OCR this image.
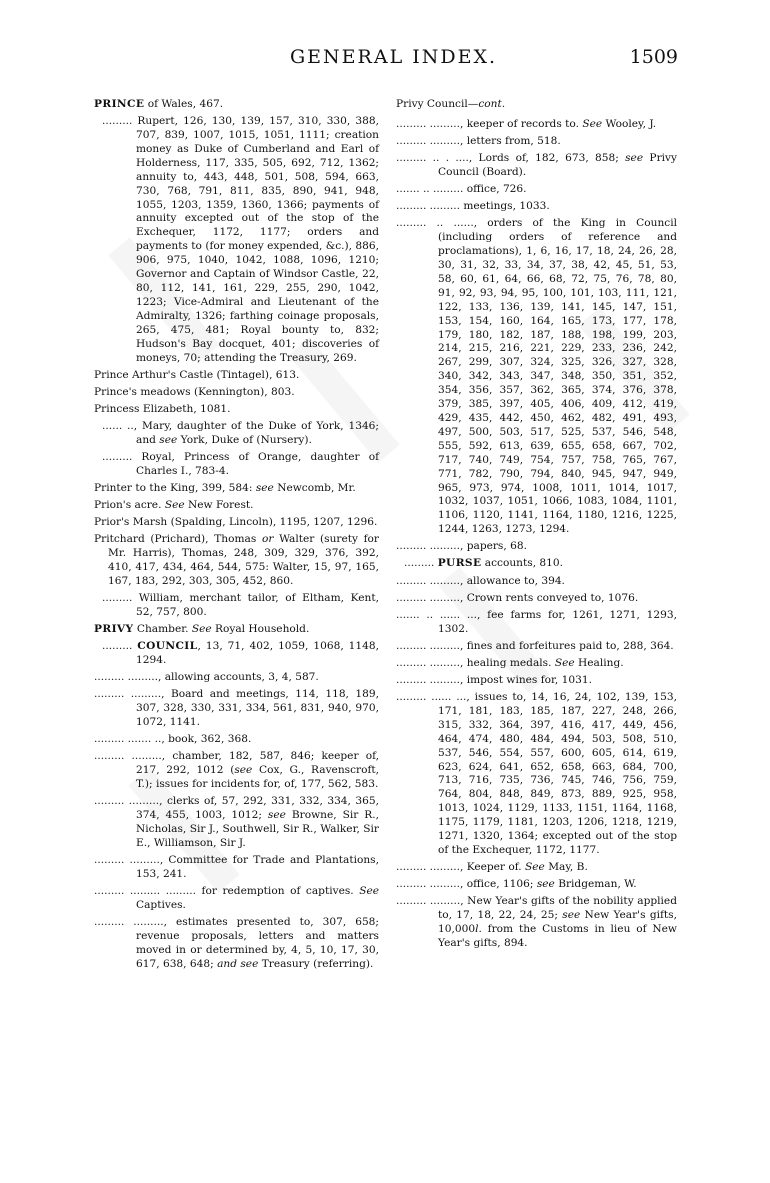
GENERAL INDEX.	1509
PRINCE of Wales, 467.
......... Rupert, 126, 130, 139, 157, 310, 330, 388, 707, 839, 1007, 1015, 1051, 1111; creation money as Duke of Cumberland and Earl of Holderness, 117, 335, 505, 692, 712, 1362; annuity to, 443, 448, 501, 508, 594, 663, 730, 768, 791, 811, 835, 890, 941, 948, 1055, 1203, 1359, 1360, 1366; payments of annuity excepted out of the stop of the Exchequer, 1172, 1177; orders and payments to (for money expended, &c.), 886, 906, 975, 1040, 1042, 1088, 1096, 1210; Governor and Captain of Windsor Castle, 22, 80, 112, 141, 161, 229, 255, 290, 1042, 1223; Vice-Admiral and Lieutenant of the Admiralty, 1326; farthing coinage proposals, 265, 475, 481; Royal bounty to, 832; Hudson's Bay docquet, 401; discoveries of moneys, 70; attending the Treasury, 269.
Prince Arthur's Castle (Tintagel), 613.
Prince's meadows (Kennington), 803.
Princess Elizabeth, 1081.
...... .., Mary, daughter of the Duke of York, 1346; and see York, Duke of (Nursery).
......... Royal, Princess of Orange, daughter of Charles I., 783-4.
Printer to the King, 399, 584: see Newcomb, Mr.
Prion's acre. See New Forest.
Prior's Marsh (Spalding, Lincoln), 1195, 1207, 1296.
Pritchard (Prichard), Thomas or Walter (surety for Mr. Harris), Thomas, 248, 309, 329, 376, 392, 410, 417, 434, 464, 544, 575: Walter, 15, 97, 165, 167, 183, 292, 303, 305, 452, 860.
......... William, merchant tailor, of Eltham, Kent, 52, 757, 800.
PRIVY Chamber. See Royal Household.
......... COUNCIL, 13, 71, 402, 1059, 1068, 1148, 1294.
......... ........., allowing accounts, 3, 4, 587.
......... ........., Board and meetings, 114, 118, 189, 307, 328, 330, 331, 334, 561, 831, 940, 970, 1072, 1141.
......... ....... .., book, 362, 368.
......... ........., chamber, 182, 587, 846; keeper of, 217, 292, 1012 (see Cox, G., Ravenscroft, T.); issues for incidents for, of, 177, 562, 583.
......... ........., clerks of, 57, 292, 331, 332, 334, 365, 374, 455, 1003, 1012; see Browne, Sir R., Nicholas, Sir J., Southwell, Sir R., Walker, Sir E., Williamson, Sir J.
......... ........., Committee for Trade and Plantations, 153, 241.
......... ......... ......... for redemption of captives. See Captives.
......... ........., estimates presented to, 307, 658; revenue proposals, letters and matters moved in or determined by, 4, 5, 10, 17, 30, 617, 638, 648; and see Treasury (referring).
Privy Council—cont.
......... ........., keeper of records to. See Wooley, J.
......... ........., letters from, 518.
......... .. . ...., Lords of, 182, 673, 858; see Privy Council (Board).
....... .. ......... office, 726.
......... ......... meetings, 1033.
......... .. ......, orders of the King in Council (including orders of reference and proclamations), 1, 6, 16, 17, 18, 24, 26, 28, 30, 31, 32, 33, 34, 37, 38, 42, 45, 51, 53, 58, 60, 61, 64, 66, 68, 72, 75, 76, 78, 80, 91, 92, 93, 94, 95, 100, 101, 103, 111, 121, 122, 133, 136, 139, 141, 145, 147, 151, 153, 154, 160, 164, 165, 173, 177, 178, 179, 180, 182, 187, 188, 198, 199, 203, 214, 215, 216, 221, 229, 233, 236, 242, 267, 299, 307, 324, 325, 326, 327, 328, 340, 342, 343, 347, 348, 350, 351, 352, 354, 356, 357, 362, 365, 374, 376, 378, 379, 385, 397, 405, 406, 409, 412, 419, 429, 435, 442, 450, 462, 482, 491, 493, 497, 500, 503, 517, 525, 537, 546, 548, 555, 592, 613, 639, 655, 658, 667, 702, 717, 740, 749, 754, 757, 758, 765, 767, 771, 782, 790, 794, 840, 945, 947, 949, 965, 973, 974, 1008, 1011, 1014, 1017, 1032, 1037, 1051, 1066, 1083, 1084, 1101, 1106, 1120, 1141, 1164, 1180, 1216, 1225, 1244, 1263, 1273, 1294.
......... ........., papers, 68.
......... PURSE accounts, 810.
......... ........., allowance to, 394.
......... ........., Crown rents conveyed to, 1076.
....... .. ...... ..., fee farms for, 1261, 1271, 1293, 1302.
......... ........., fines and forfeitures paid to, 288, 364.
......... ........., healing medals. See Healing.
......... ........., impost wines for, 1031.
......... ...... ..., issues to, 14, 16, 24, 102, 139, 153, 171, 181, 183, 185, 187, 227, 248, 266, 315, 332, 364, 397, 416, 417, 449, 456, 464, 474, 480, 484, 494, 503, 508, 510, 537, 546, 554, 557, 600, 605, 614, 619, 623, 624, 641, 652, 658, 663, 684, 700, 713, 716, 735, 736, 745, 746, 756, 759, 764, 804, 848, 849, 873, 889, 925, 958, 1013, 1024, 1129, 1133, 1151, 1164, 1168, 1175, 1179, 1181, 1203, 1206, 1218, 1219, 1271, 1320, 1364; excepted out of the stop of the Exchequer, 1172, 1177.
......... ........., Keeper of. See May, B.
......... ........., office, 1106; see Bridgeman, W.
......... ........., New Year's gifts of the nobility applied to, 17, 18, 22, 24, 25; see New Year's gifts, 10,000l. from the Customs in lieu of New Year's gifts, 894.
